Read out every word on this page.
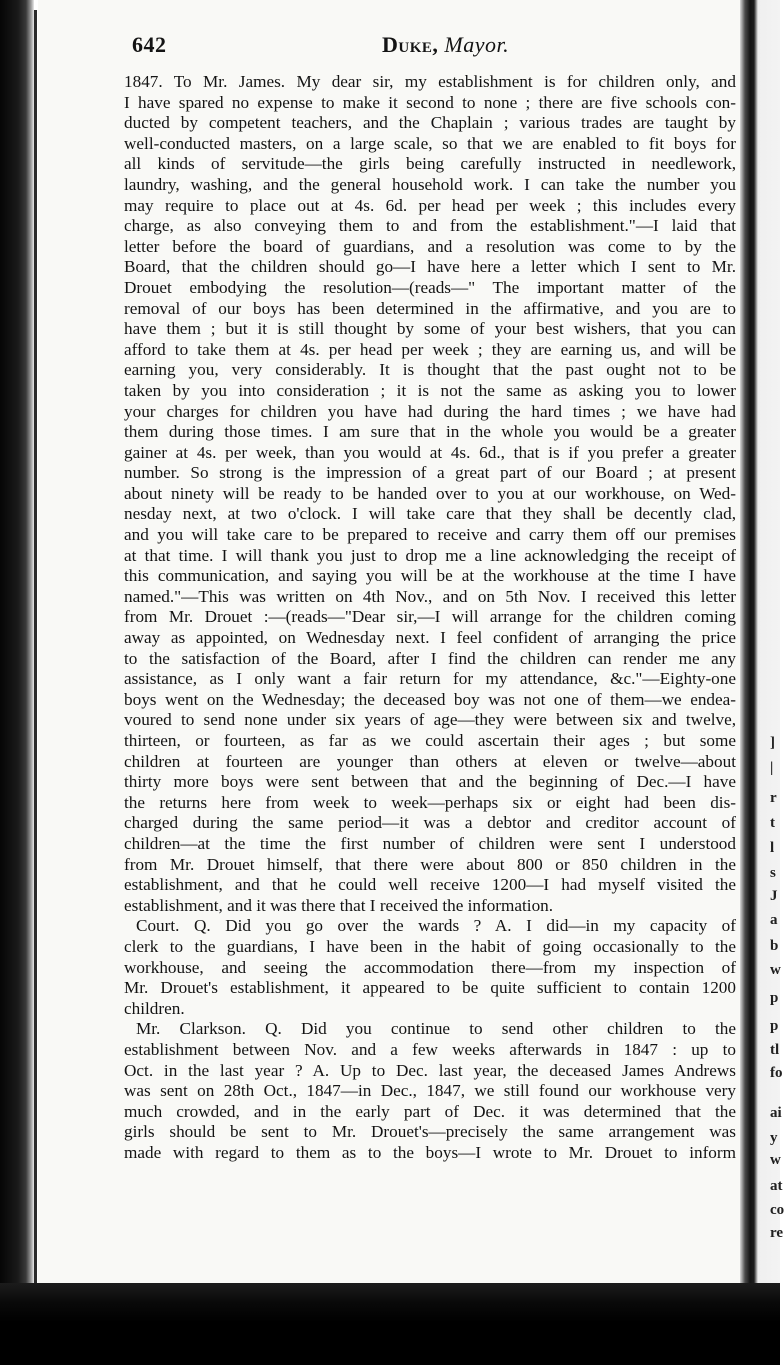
]
|
r
t
l
s
J
a
b
w
p
p
tl
fo
ai
y
w
at
co
re
642	Duke, Mayor.
1847. To Mr. James. My dear sir, my establishment is for children only, and
I have spared no expense to make it second to none ; there are five schools con-
ducted by competent teachers, and the Chaplain ; various trades are taught by
well-conducted masters, on a large scale, so that we are enabled to fit boys for
all kinds of servitude—the girls being carefully instructed in needlework,
laundry, washing, and the general household work. I can take the number you
may require to place out at 4s. 6d. per head per week ; this includes every
charge, as also conveying them to and from the establishment."—I laid that
letter before the board of guardians, and a resolution was come to by the
Board, that the children should go—I have here a letter which I sent to Mr.
Drouet embodying the resolution—(reads—" The important matter of the
removal of our boys has been determined in the affirmative, and you are to
have them ; but it is still thought by some of your best wishers, that you can
afford to take them at 4s. per head per week ; they are earning us, and will be
earning you, very considerably. It is thought that the past ought not to be
taken by you into consideration ; it is not the same as asking you to lower
your charges for children you have had during the hard times ; we have had
them during those times. I am sure that in the whole you would be a greater
gainer at 4s. per week, than you would at 4s. 6d., that is if you prefer a greater
number. So strong is the impression of a great part of our Board ; at present
about ninety will be ready to be handed over to you at our workhouse, on Wed-
nesday next, at two o'clock. I will take care that they shall be decently clad,
and you will take care to be prepared to receive and carry them off our premises
at that time. I will thank you just to drop me a line acknowledging the receipt of
this communication, and saying you will be at the workhouse at the time I have
named."—This was written on 4th Nov., and on 5th Nov. I received this letter
from Mr. Drouet :—(reads—"Dear sir,—I will arrange for the children coming
away as appointed, on Wednesday next. I feel confident of arranging the price
to the satisfaction of the Board, after I find the children can render me any
assistance, as I only want a fair return for my attendance, &c."—Eighty-one
boys went on the Wednesday; the deceased boy was not one of them—we endea-
voured to send none under six years of age—they were between six and twelve,
thirteen, or fourteen, as far as we could ascertain their ages ; but some
children at fourteen are younger than others at eleven or twelve—about
thirty more boys were sent between that and the beginning of Dec.—I have
the returns here from week to week—perhaps six or eight had been dis-
charged during the same period—it was a debtor and creditor account of
children—at the time the first number of children were sent I understood
from Mr. Drouet himself, that there were about 800 or 850 children in the
establishment, and that he could well receive 1200—I had myself visited the
establishment, and it was there that I received the information.
Court. Q. Did you go over the wards ? A. I did—in my capacity of
clerk to the guardians, I have been in the habit of going occasionally to the
workhouse, and seeing the accommodation there—from my inspection of
Mr. Drouet's establishment, it appeared to be quite sufficient to contain 1200
children.
Mr. Clarkson. Q. Did you continue to send other children to the
establishment between Nov. and a few weeks afterwards in 1847 : up to
Oct. in the last year ? A. Up to Dec. last year, the deceased James Andrews
was sent on 28th Oct., 1847—in Dec., 1847, we still found our workhouse very
much crowded, and in the early part of Dec. it was determined that the
girls should be sent to Mr. Drouet's—precisely the same arrangement was
made with regard to them as to the boys—I wrote to Mr. Drouet to inform
